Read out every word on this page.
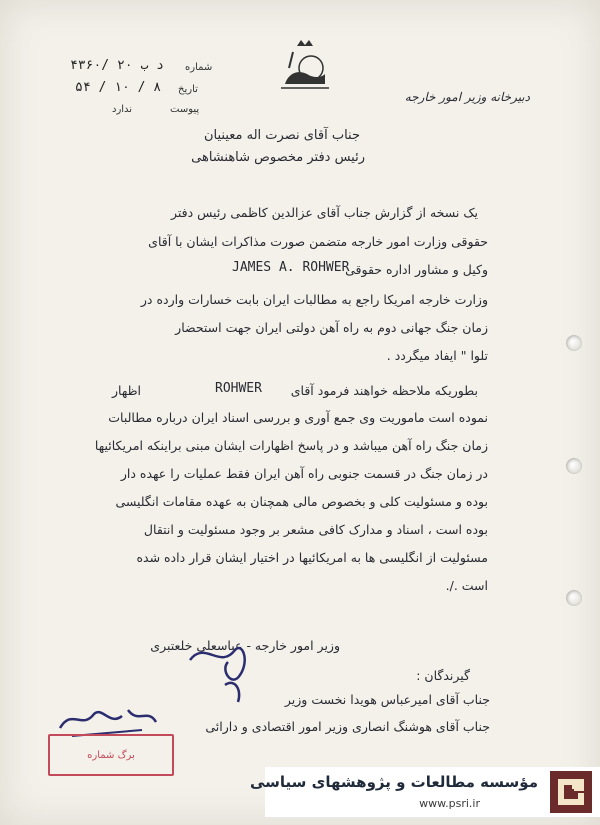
شماره
۴۳۶۰/ ۲۰ د ب
تاریخ
۵۴ / ۱۰ / ۸
پیوست
ندارد
دبیرخانه وزیر امور خارجه
جناب آقای نصرت اله معینیان
رئیس دفتر مخصوص شاهنشاهی
یک نسخه از گزارش جناب آقای عزالدین کاظمی رئیس دفتر
حقوقی وزارت امور خارجه متضمن صورت مذاکرات ایشان با آقای
JAMES A. ROHWER
وکیل و مشاور اداره حقوقی
وزارت خارجه امریکا راجع به مطالبات ایران بابت خسارات وارده در
زمان جنگ جهانی دوم به راه آهن دولتی ایران جهت استحضار
تلوا " ایفاد میگردد .
بطوریکه ملاحظه خواهند فرمود آقای
ROHWER
اظهار
نموده است ماموریت وی جمع آوری و بررسی اسناد ایران درباره مطالبات
زمان جنگ راه آهن میباشد و در پاسخ اظهارات ایشان مبنی براینکه امریکائیها
در زمان جنگ در قسمت جنوبی راه آهن ایران فقط عملیات را عهده دار
بوده و مسئولیت کلی و بخصوص مالی همچنان به عهده مقامات انگلیسی
بوده است ، اسناد و مدارک کافی مشعر بر وجود مسئولیت و انتقال
مسئولیت از انگلیسی ها به امریکائیها در اختیار ایشان قرار داده شده
است ./.
وزیر امور خارجه - عباسعلی خلعتبری
گیرندگان :
جناب آقای امیرعباس هویدا نخست وزیر
جناب آقای هوشنگ انصاری وزیر امور اقتصادی و دارائی
برگ شماره
مؤسسه مطالعات و پژوهشهای سیاسی
www.psri.ir
